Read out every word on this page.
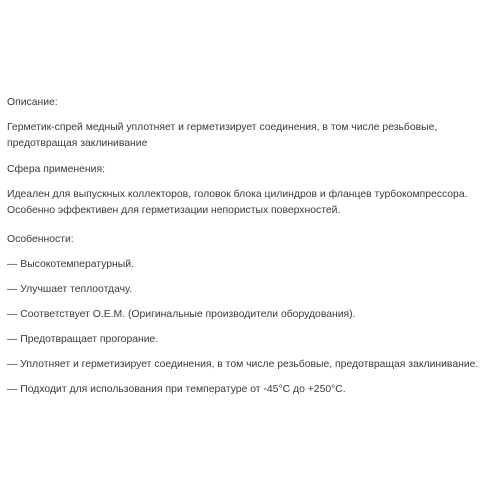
Описание:

Герметик-спрей медный уплотняет и герметизирует соединения, в том числе резьбовые, предотвращая заклинивание

Сфера применения:

Идеален для выпускных коллекторов, головок блока цилиндров и фланцев турбокомпрессора. Особенно эффективен для герметизации непористых поверхностей.

Особенности:

— Высокотемпературный.
— Улучшает теплоотдачу.
— Соответствует O.E.M. (Оригинальные производители оборудования).
— Предотвращает прогорание.
— Уплотняет и герметизирует соединения, в том числе резьбовые, предотвращая заклинивание.
— Подходит для использования при температуре от -45°C до +250°C.
